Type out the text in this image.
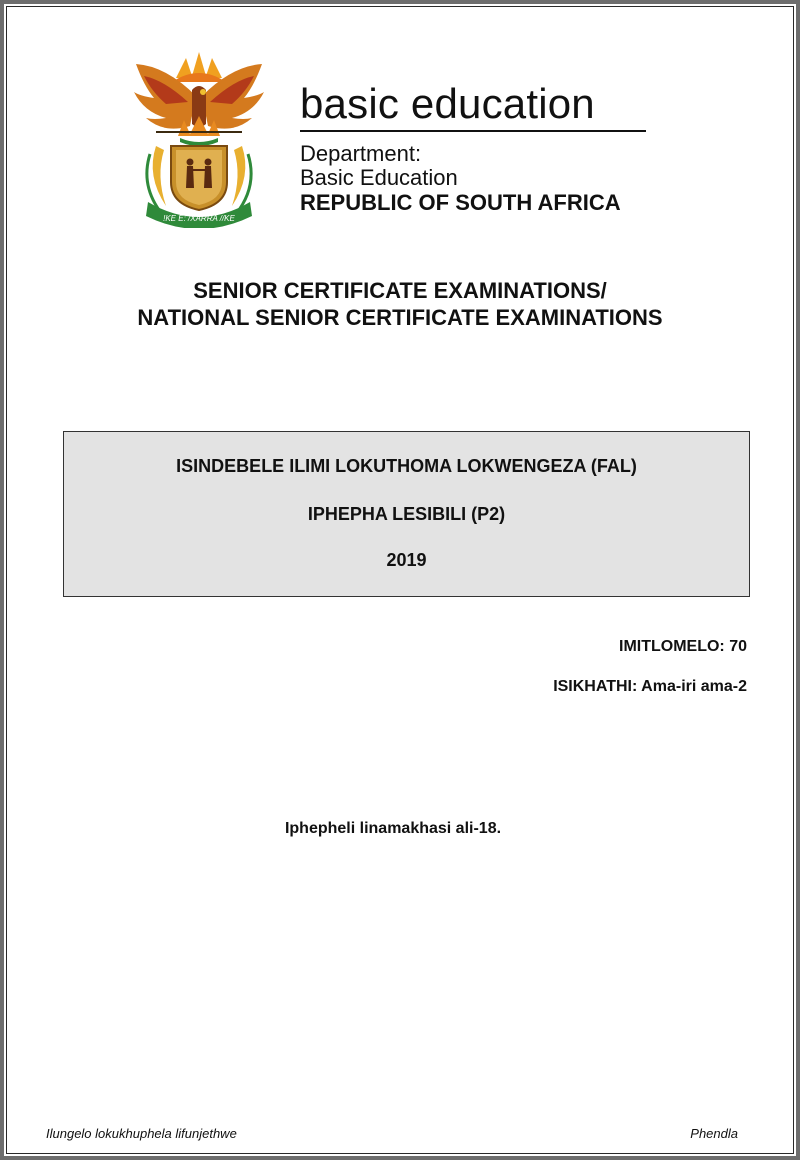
!KE E: /XARRA //KE
basic education
Department:
Basic Education
REPUBLIC OF SOUTH AFRICA
SENIOR CERTIFICATE EXAMINATIONS/
NATIONAL SENIOR CERTIFICATE EXAMINATIONS
ISINDEBELE ILIMI LOKUTHOMA LOKWENGEZA (FAL)
IPHEPHA LESIBILI (P2)
2019
IMITLOMELO: 70
ISIKHATHI: Ama-iri ama-2
Iphepheli linamakhasi ali-18.
Ilungelo lokukhuphela lifunjethwe	Phendla
